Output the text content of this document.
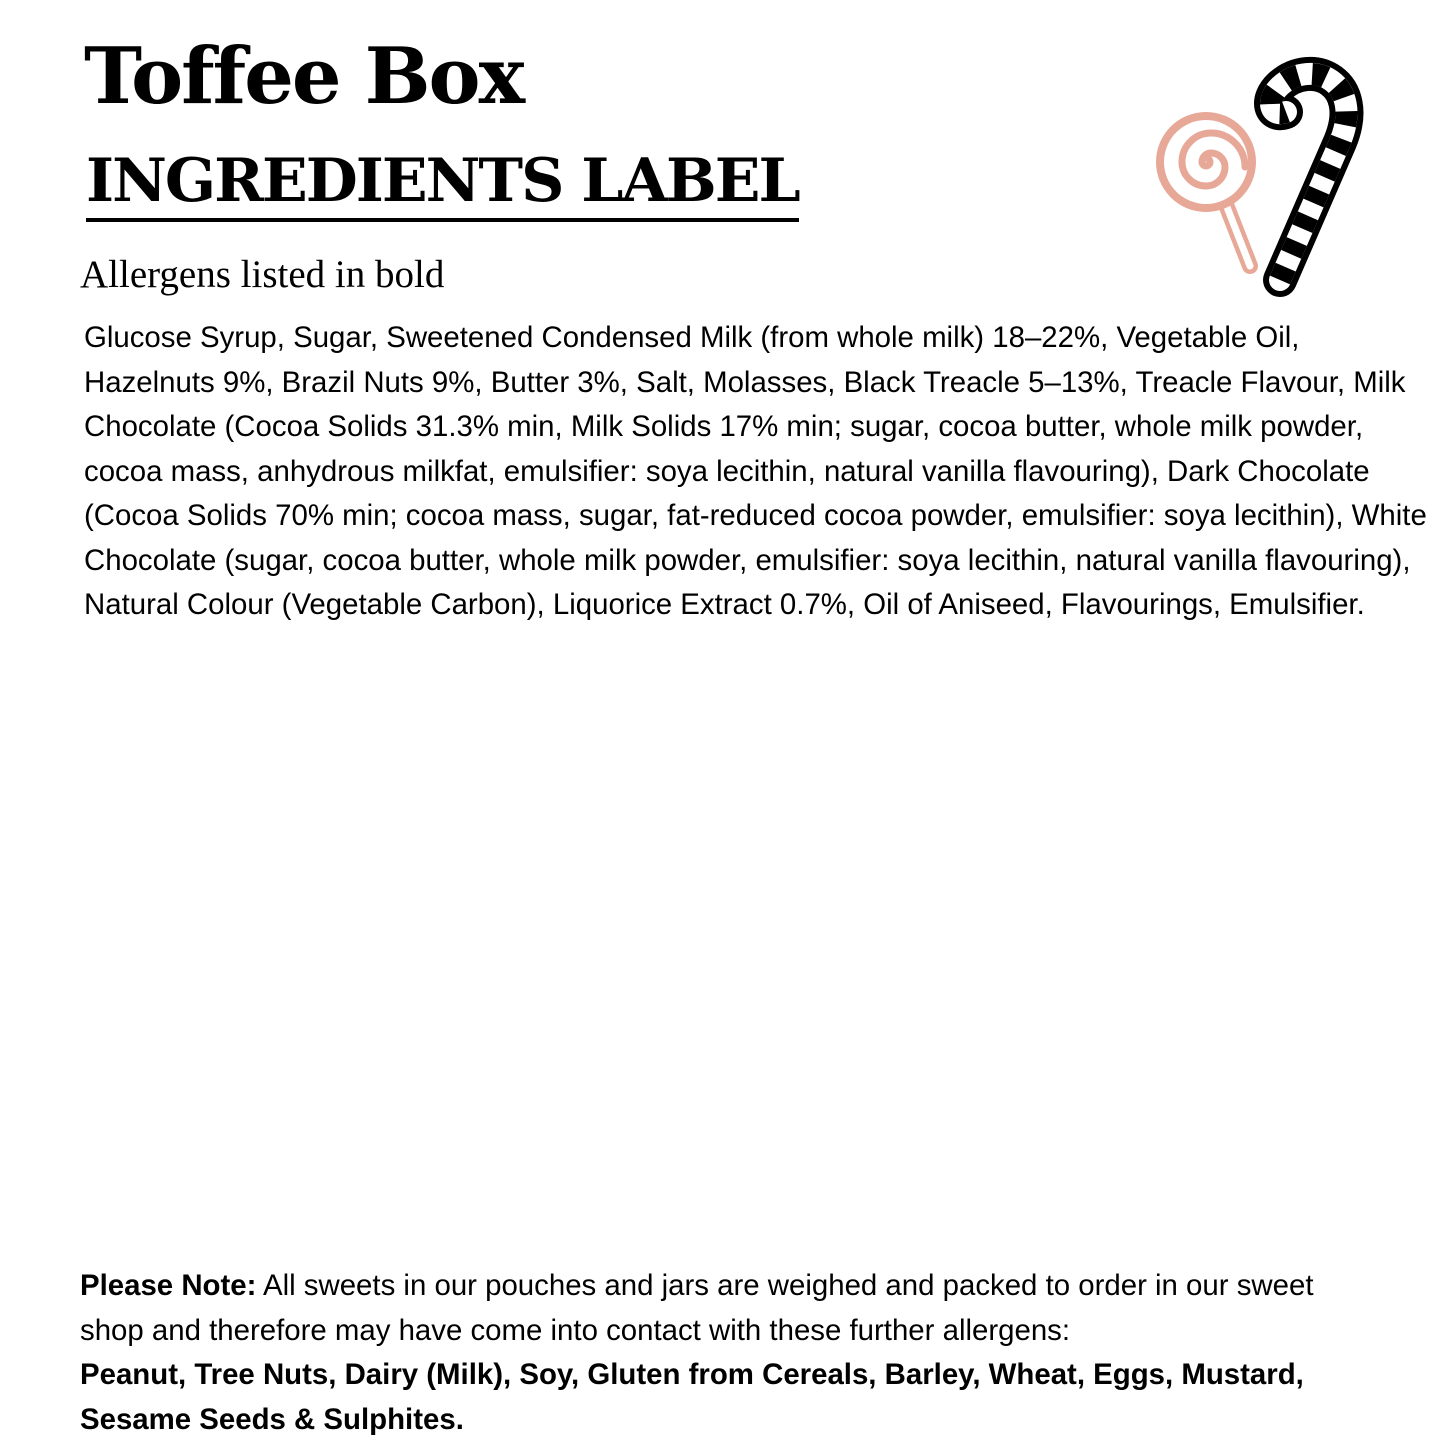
Toffee Box
INGREDIENTS LABEL

Allergens listed in bold

Glucose Syrup, Sugar, Sweetened Condensed Milk (from whole milk) 18–22%, Vegetable Oil, Hazelnuts 9%, Brazil Nuts 9%, Butter 3%, Salt, Molasses, Black Treacle 5–13%, Treacle Flavour, Milk Chocolate (Cocoa Solids 31.3% min, Milk Solids 17% min; sugar, cocoa butter, whole milk powder, cocoa mass, anhydrous milkfat, emulsifier: soya lecithin, natural vanilla flavouring), Dark Chocolate (Cocoa Solids 70% min; cocoa mass, sugar, fat-reduced cocoa powder, emulsifier: soya lecithin), White Chocolate (sugar, cocoa butter, whole milk powder, emulsifier: soya lecithin, natural vanilla flavouring), Natural Colour (Vegetable Carbon), Liquorice Extract 0.7%, Oil of Aniseed, Flavourings, Emulsifier.

Please Note: All sweets in our pouches and jars are weighed and packed to order in our sweet shop and therefore may have come into contact with these further allergens:
Peanut, Tree Nuts, Dairy (Milk), Soy, Gluten from Cereals, Barley, Wheat, Eggs, Mustard, Sesame Seeds & Sulphites.
